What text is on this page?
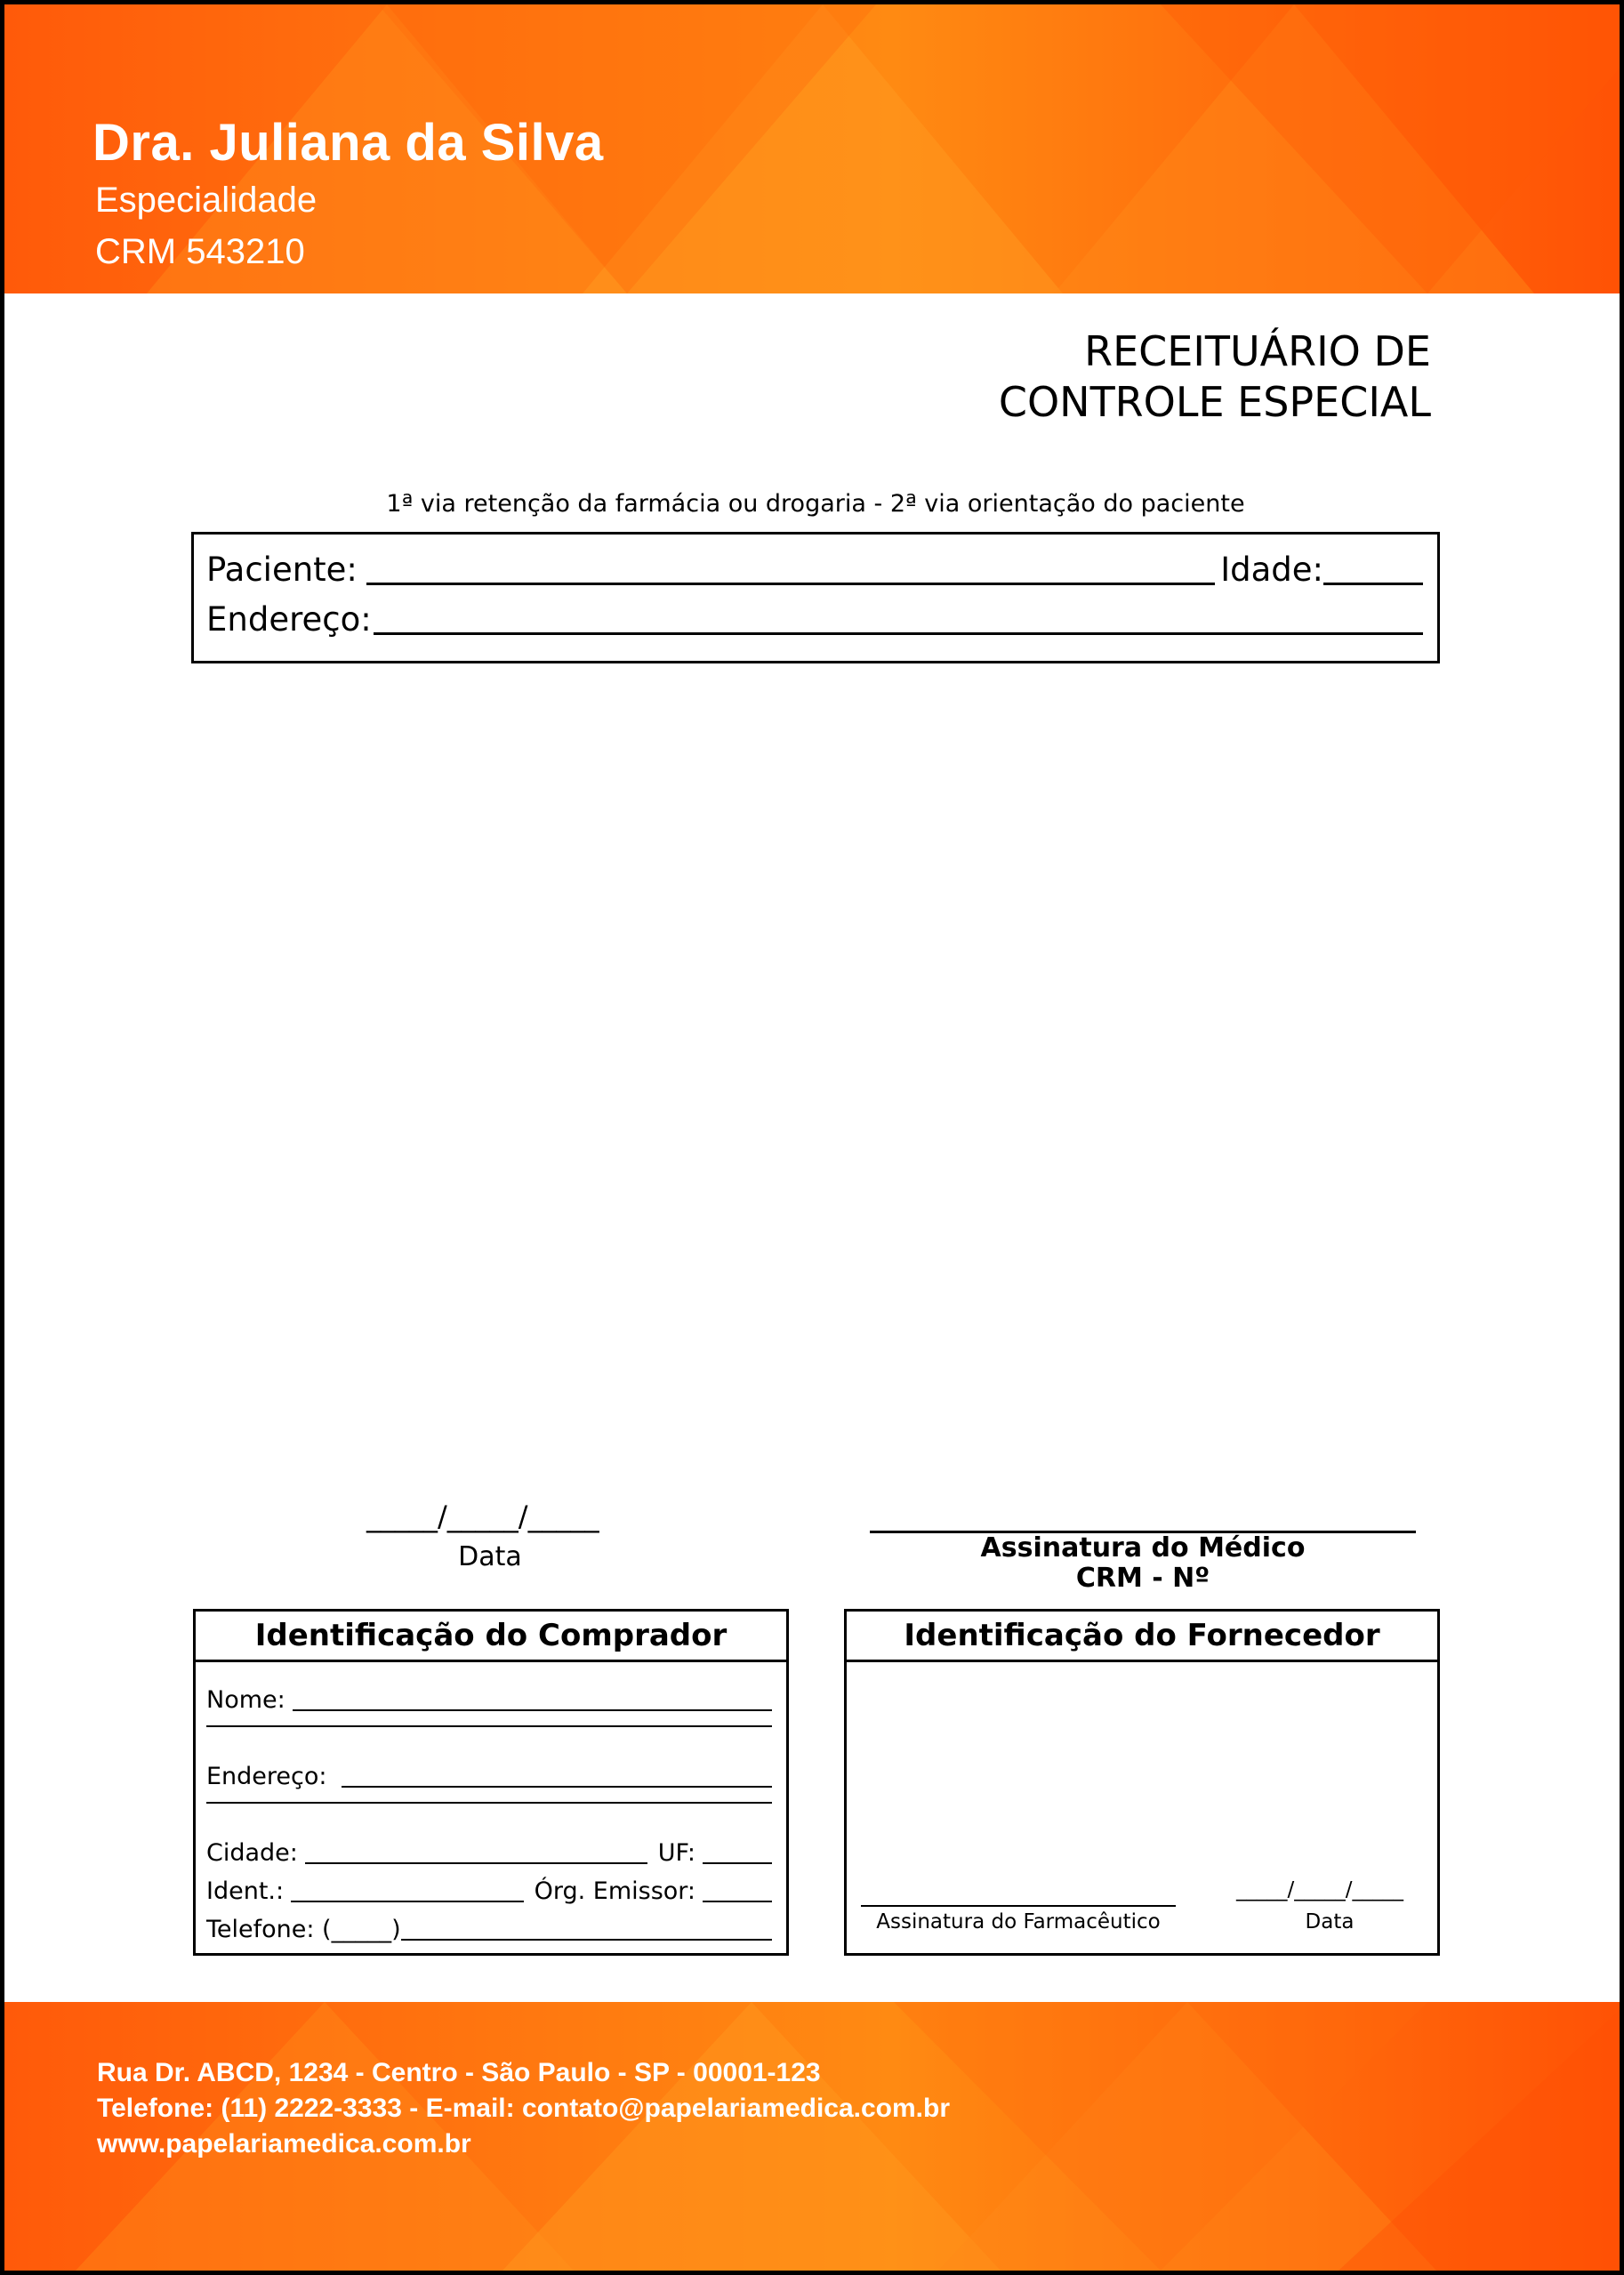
Dra. Juliana da Silva
Especialidade
CRM 543210
RECEITUÁRIO DE
CONTROLE ESPECIAL
1ª via retenção da farmácia ou drogaria - 2ª via orientação do paciente
Paciente:	Idade:
Endereço:
_____/_____/_____
Data	Assinatura do Médico
CRM - Nº
Identificação do Comprador
Nome:
Endereço:
Cidade:	UF:
Ident.:	Órg. Emissor:
Telefone: (_____)
Identificação do Fornecedor
Assinatura do Farmacêutico
_____/_____/_____
Data
Rua Dr. ABCD, 1234 - Centro - São Paulo - SP - 00001-123
Telefone: (11) 2222-3333 - E-mail: contato@papelariamedica.com.br
www.papelariamedica.com.br
